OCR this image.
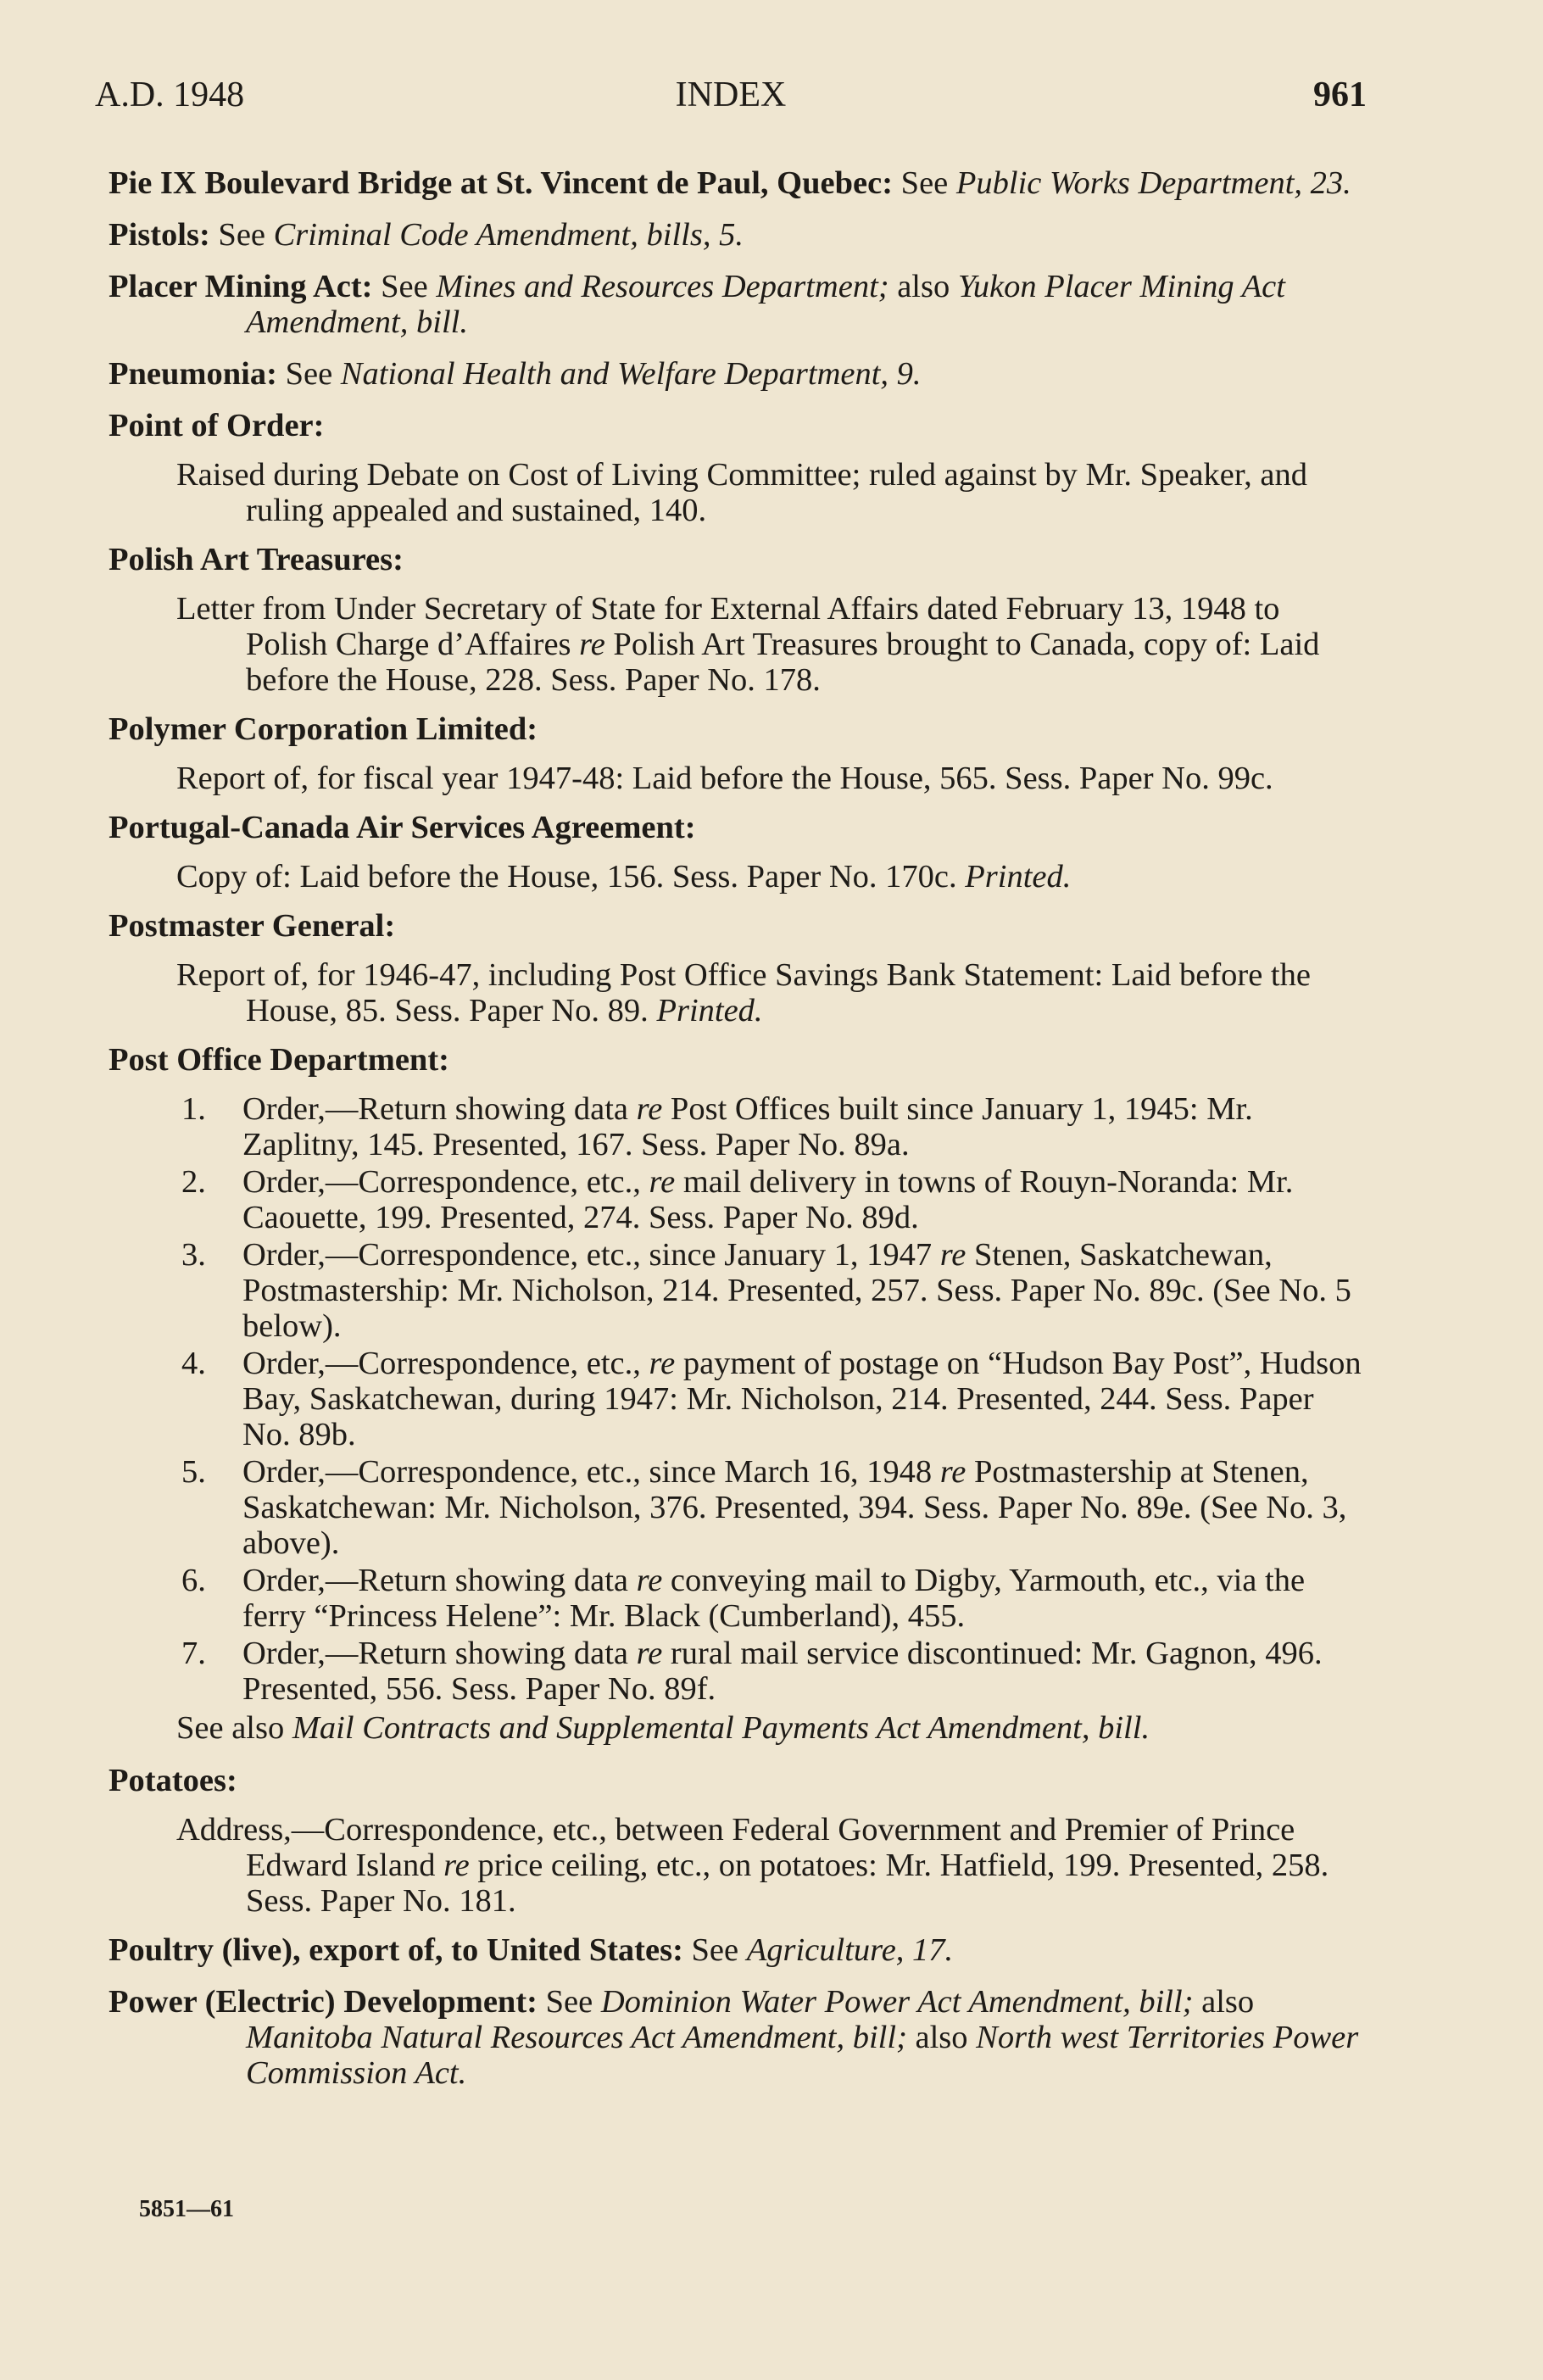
A.D. 1948	INDEX	961
Pie IX Boulevard Bridge at St. Vincent de Paul, Quebec: See Public Works Department, 23.
Pistols: See Criminal Code Amendment, bills, 5.
Placer Mining Act: See Mines and Resources Department; also Yukon Placer Mining Act Amendment, bill.
Pneumonia: See National Health and Welfare Department, 9.
Point of Order:
Raised during Debate on Cost of Living Committee; ruled against by Mr. Speaker, and ruling appealed and sustained, 140.
Polish Art Treasures:
Letter from Under Secretary of State for External Affairs dated February 13, 1948 to Polish Charge d’Affaires re Polish Art Treasures brought to Canada, copy of: Laid before the House, 228. Sess. Paper No. 178.
Polymer Corporation Limited:
Report of, for fiscal year 1947-48: Laid before the House, 565. Sess. Paper No. 99c.
Portugal-Canada Air Services Agreement:
Copy of: Laid before the House, 156. Sess. Paper No. 170c. Printed.
Postmaster General:
Report of, for 1946-47, including Post Office Savings Bank Statement: Laid before the House, 85. Sess. Paper No. 89. Printed.
Post Office Department:
1. Order,—Return showing data re Post Offices built since January 1, 1945: Mr. Zaplitny, 145. Presented, 167. Sess. Paper No. 89a.
2. Order,—Correspondence, etc., re mail delivery in towns of Rouyn-Noranda: Mr. Caouette, 199. Presented, 274. Sess. Paper No. 89d.
3. Order,—Correspondence, etc., since January 1, 1947 re Stenen, Saskatchewan, Postmastership: Mr. Nicholson, 214. Presented, 257. Sess. Paper No. 89c. (See No. 5 below).
4. Order,—Correspondence, etc., re payment of postage on “Hudson Bay Post”, Hudson Bay, Saskatchewan, during 1947: Mr. Nicholson, 214. Presented, 244. Sess. Paper No. 89b.
5. Order,—Correspondence, etc., since March 16, 1948 re Postmastership at Stenen, Saskatchewan: Mr. Nicholson, 376. Presented, 394. Sess. Paper No. 89e. (See No. 3, above).
6. Order,—Return showing data re conveying mail to Digby, Yarmouth, etc., via the ferry “Princess Helene”: Mr. Black (Cumberland), 455.
7. Order,—Return showing data re rural mail service discontinued: Mr. Gagnon, 496. Presented, 556. Sess. Paper No. 89f.
See also Mail Contracts and Supplemental Payments Act Amendment, bill.
Potatoes:
Address,—Correspondence, etc., between Federal Government and Premier of Prince Edward Island re price ceiling, etc., on potatoes: Mr. Hatfield, 199. Presented, 258. Sess. Paper No. 181.
Poultry (live), export of, to United States: See Agriculture, 17.
Power (Electric) Development: See Dominion Water Power Act Amendment, bill; also Manitoba Natural Resources Act Amendment, bill; also North west Territories Power Commission Act.
5851—61
